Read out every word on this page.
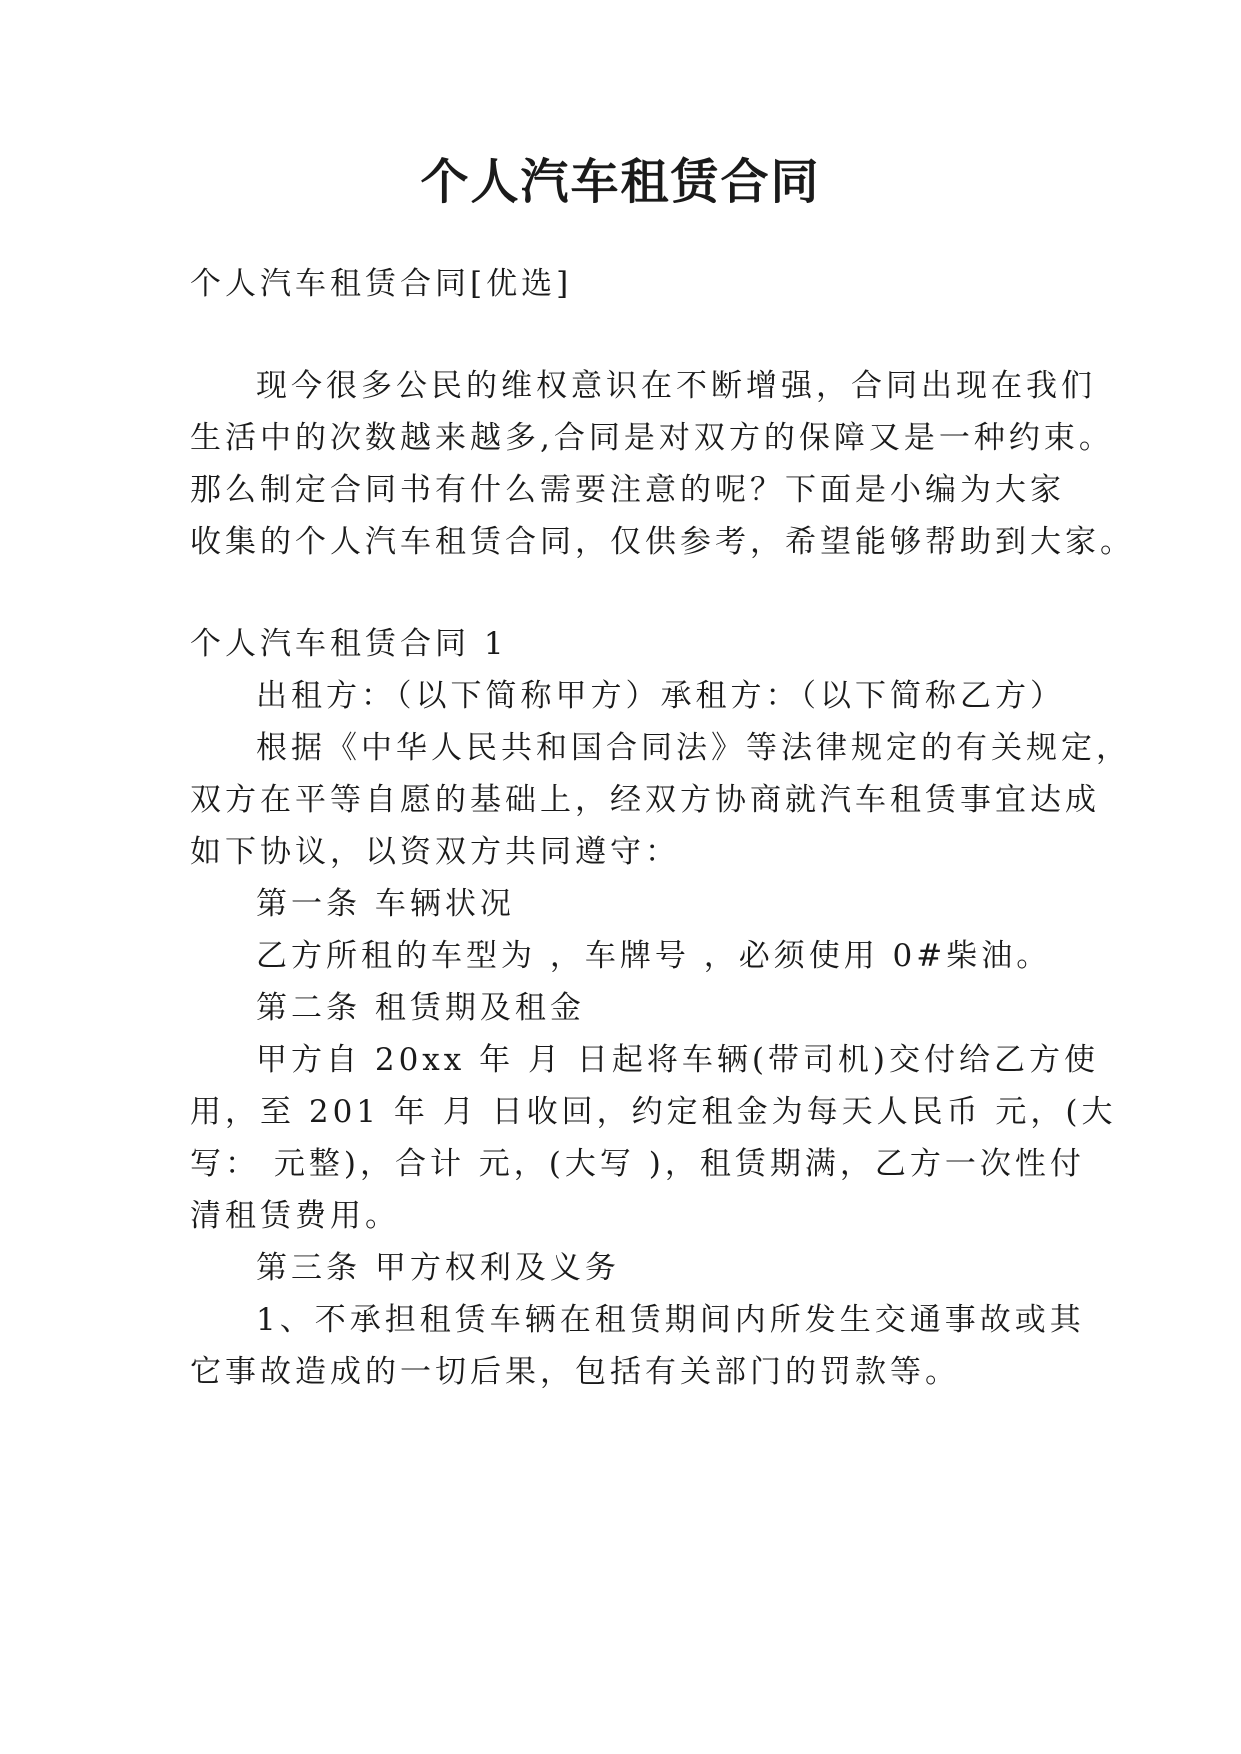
个人汽车租赁合同
个人汽车租赁合同[优选]
现今很多公民的维权意识在不断增强，合同出现在我们
生活中的次数越来越多,合同是对双方的保障又是一种约束。
那么制定合同书有什么需要注意的呢？下面是小编为大家
收集的个人汽车租赁合同，仅供参考，希望能够帮助到大家。
个人汽车租赁合同 1
出租方：（以下简称甲方）承租方：（以下简称乙方）
根据《中华人民共和国合同法》等法律规定的有关规定，
双方在平等自愿的基础上，经双方协商就汽车租赁事宜达成
如下协议，以资双方共同遵守：
第一条 车辆状况
乙方所租的车型为 ，车牌号 ，必须使用 0#柴油。
第二条 租赁期及租金
甲方自 20xx 年 月 日起将车辆(带司机)交付给乙方使
用，至 201 年 月 日收回，约定租金为每天人民币 元，(大
写： 元整)，合计 元，(大写 )，租赁期满，乙方一次性付
清租赁费用。
第三条 甲方权利及义务
1、不承担租赁车辆在租赁期间内所发生交通事故或其
它事故造成的一切后果，包括有关部门的罚款等。
